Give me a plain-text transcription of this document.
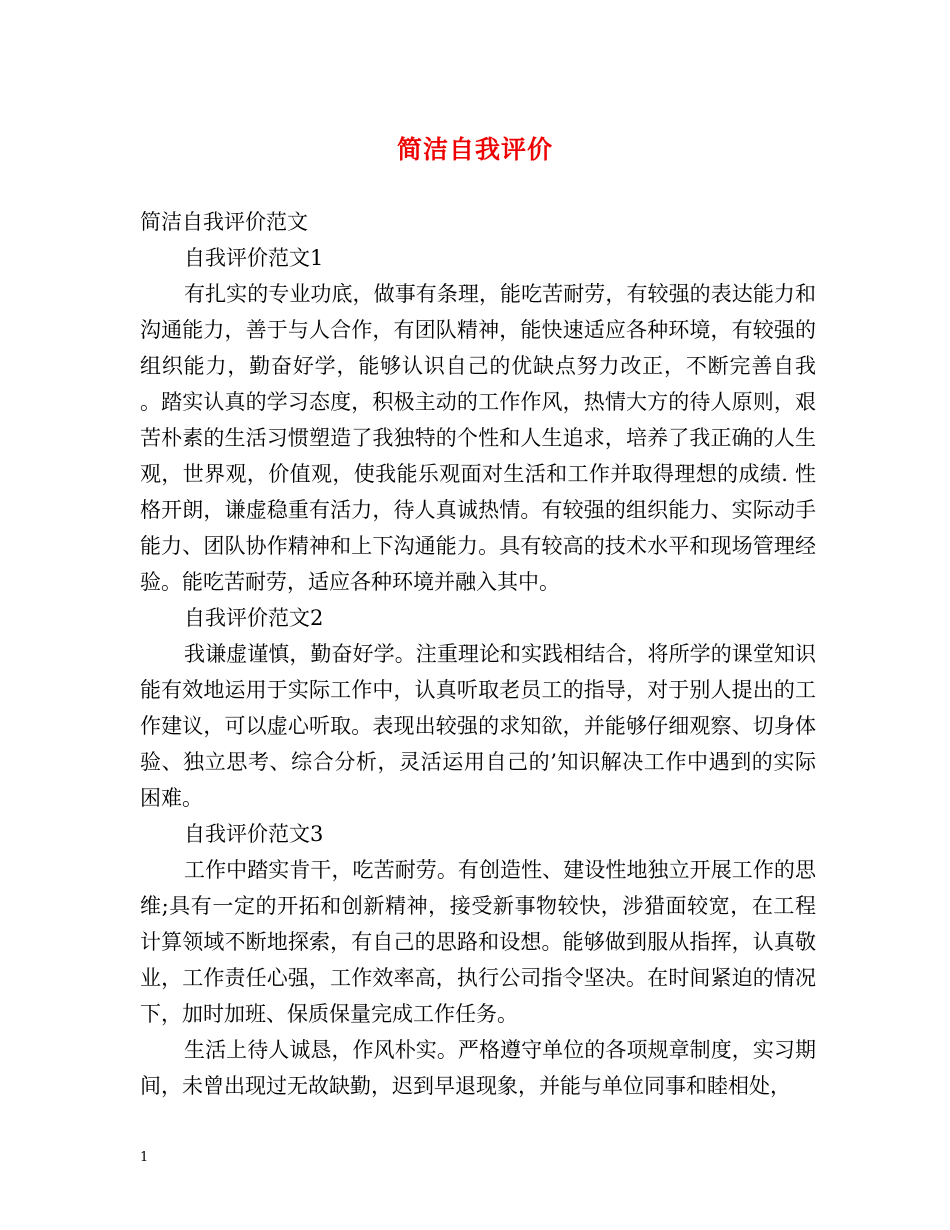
简洁自我评价

简洁自我评价范文

自我评价范文1

有扎实的专业功底，做事有条理，能吃苦耐劳，有较强的表达能力和沟通能力，善于与人合作，有团队精神，能快速适应各种环境，有较强的组织能力，勤奋好学，能够认识自己的优缺点努力改正，不断完善自我 。踏实认真的学习态度，积极主动的工作作风，热情大方的待人原则，艰苦朴素的生活习惯塑造了我独特的个性和人生追求，培养了我正确的人生观，世界观，价值观，使我能乐观面对生活和工作并取得理想的成绩. 性格开朗，谦虚稳重有活力，待人真诚热情。有较强的组织能力、实际动手能力、团队协作精神和上下沟通能力。具有较高的技术水平和现场管理经验。能吃苦耐劳，适应各种环境并融入其中。

自我评价范文2

我谦虚谨慎，勤奋好学。注重理论和实践相结合，将所学的课堂知识能有效地运用于实际工作中，认真听取老员工的指导，对于别人提出的工作建议，可以虚心听取。表现出较强的求知欲，并能够仔细观察、切身体验、独立思考、综合分析，灵活运用自己的’知识解决工作中遇到的实际困难。

自我评价范文3

工作中踏实肯干，吃苦耐劳。有创造性、建设性地独立开展工作的思维;具有一定的开拓和创新精神，接受新事物较快，涉猎面较宽，在工程计算领域不断地探索，有自己的思路和设想。能够做到服从指挥，认真敬业，工作责任心强，工作效率高，执行公司指令坚决。在时间紧迫的情况下，加时加班、保质保量完成工作任务。

生活上待人诚恳，作风朴实。严格遵守单位的各项规章制度，实习期间，未曾出现过无故缺勤，迟到早退现象，并能与单位同事和睦相处，

1
